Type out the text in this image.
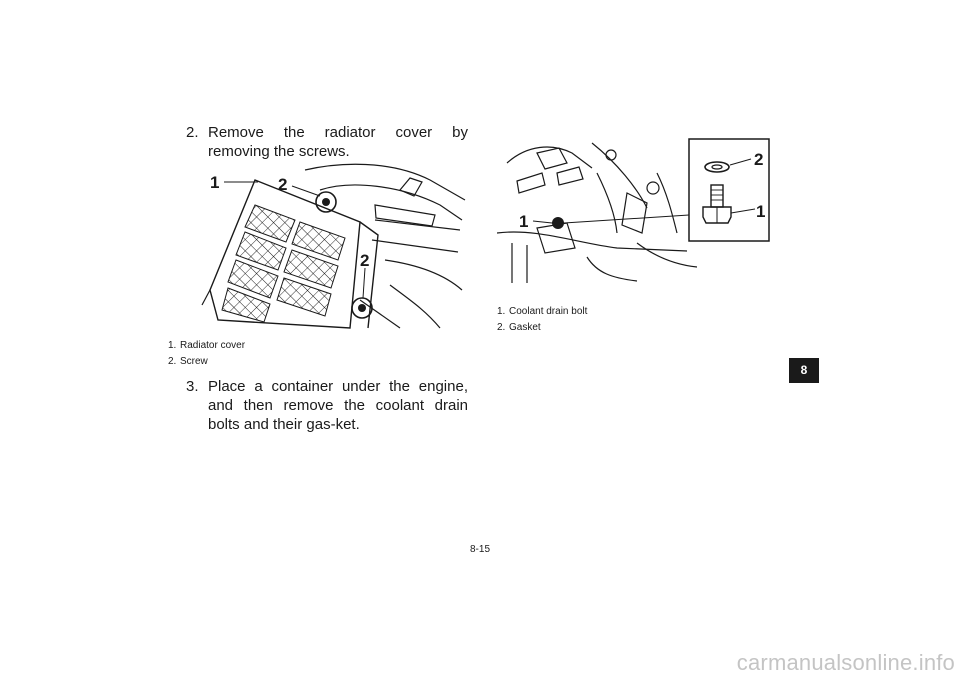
2. Remove the radiator cover by removing the screws.
1	2
2
1. Radiator cover
2. Screw
3. Place a container under the engine, and then remove the coolant drain bolts and their gas-ket.
1
2
1
1. Coolant drain bolt
2. Gasket
8
8-15
carmanualsonline.info
